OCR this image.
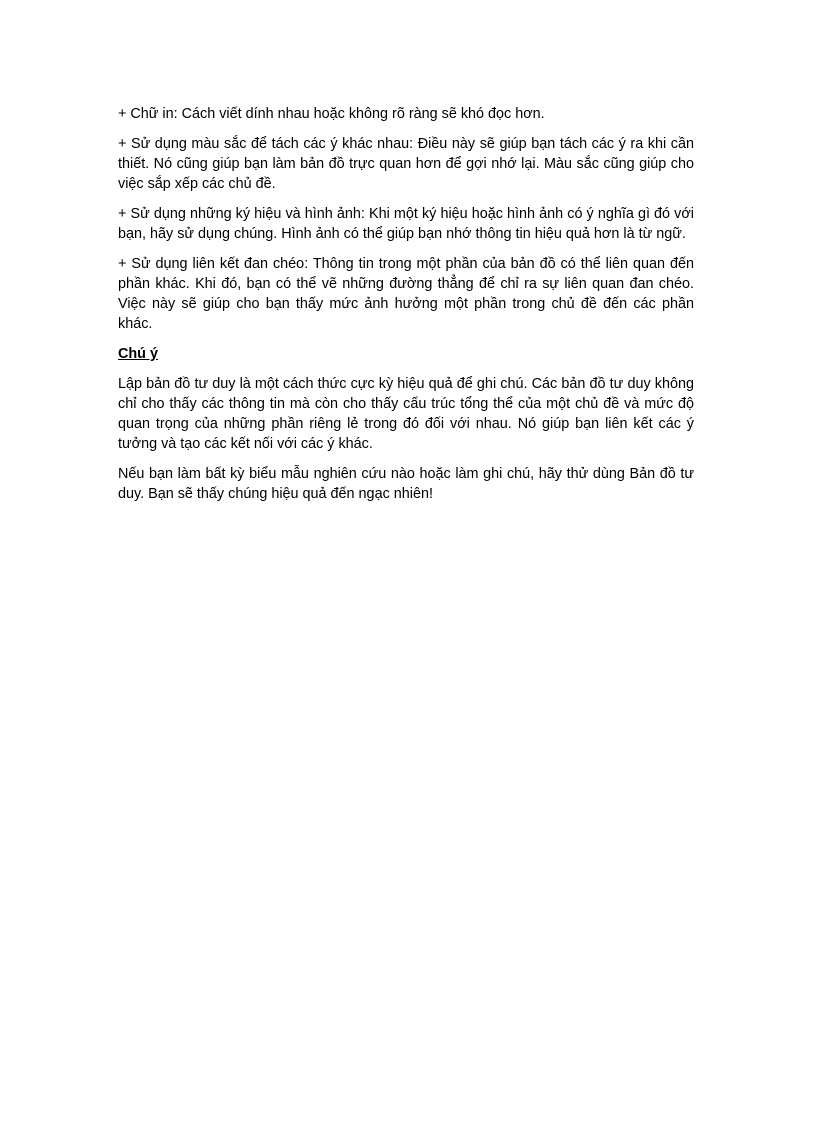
+ Chữ in: Cách viết dính nhau hoặc không rõ ràng sẽ khó đọc hơn.

+ Sử dụng màu sắc để tách các ý khác nhau: Điều này sẽ giúp bạn tách các ý ra khi cần thiết. Nó cũng giúp bạn làm bản đồ trực quan hơn để gợi nhớ lại. Màu sắc cũng giúp cho việc sắp xếp các chủ đề.

+ Sử dụng những ký hiệu và hình ảnh: Khi một ký hiệu hoặc hình ảnh có ý nghĩa gì đó với bạn, hãy sử dụng chúng. Hình ảnh có thể giúp bạn nhớ thông tin hiệu quả hơn là từ ngữ.

+ Sử dụng liên kết đan chéo: Thông tin trong một phần của bản đồ có thể liên quan đến phần khác. Khi đó, bạn có thể vẽ những đường thẳng để chỉ ra sự liên quan đan chéo. Việc này sẽ giúp cho bạn thấy mức ảnh hưởng một phần trong chủ đề đến các phần khác.

Chú ý

Lập bản đồ tư duy là một cách thức cực kỳ hiệu quả để ghi chú. Các bản đồ tư duy không chỉ cho thấy các thông tin mà còn cho thấy cấu trúc tổng thể của một chủ đề và mức độ quan trọng của những phần riêng lẻ trong đó đối với nhau. Nó giúp bạn liên kết các ý tưởng và tạo các kết nối với các ý khác.

Nếu bạn làm bất kỳ biểu mẫu nghiên cứu nào hoặc làm ghi chú, hãy thử dùng Bản đồ tư duy. Bạn sẽ thấy chúng hiệu quả đến ngạc nhiên!
